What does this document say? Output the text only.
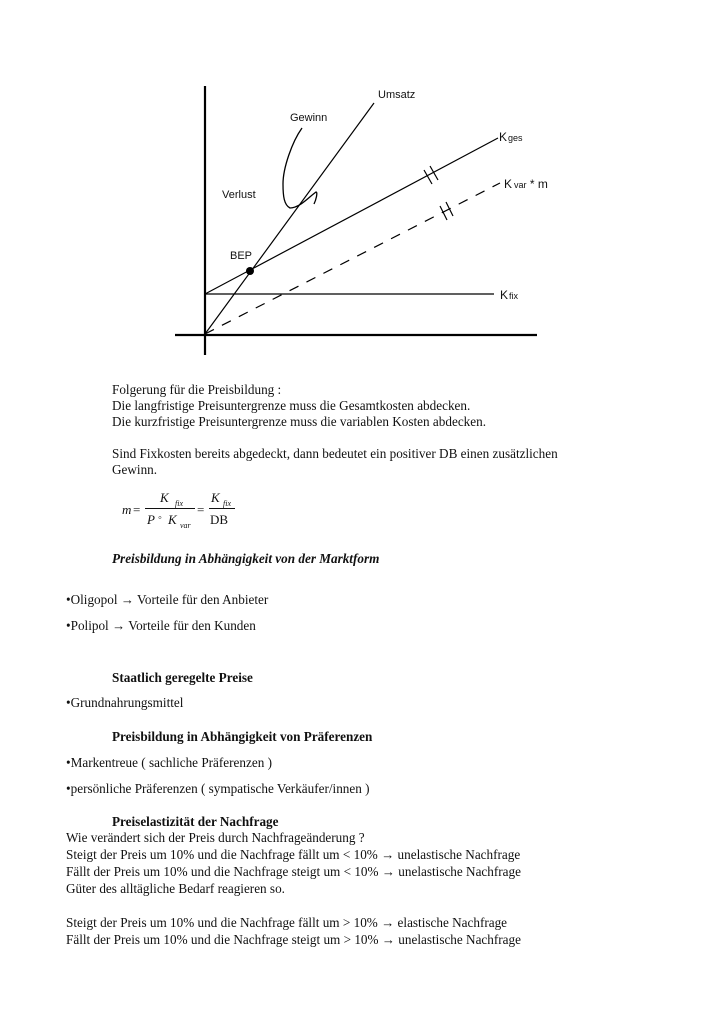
Umsatz
Gewinn
Kges
K var * m
Verlust
BEP
Kfix
Folgerung für die Preisbildung :
Die langfristige Preisuntergrenze muss die Gesamtkosten abdecken.
Die kurzfristige Preisuntergrenze muss die variablen Kosten abdecken.
Sind Fixkosten bereits abgedeckt, dann bedeutet ein positiver DB einen zusätzlichen
Gewinn.
m =
K fix
P ◦ K var
=
K fix
DB
Preisbildung in Abhängigkeit von der Marktform
•Oligopol → Vorteile für den Anbieter
•Polipol → Vorteile für den Kunden
Staatlich geregelte Preise
•Grundnahrungsmittel
Preisbildung in Abhängigkeit von Präferenzen
•Markentreue ( sachliche Präferenzen )
•persönliche Präferenzen ( sympatische Verkäufer/innen )
Preiselastizität der Nachfrage
Wie verändert sich der Preis durch Nachfrageänderung ?
Steigt der Preis um 10% und die Nachfrage fällt um < 10% → unelastische Nachfrage
Fällt der Preis um 10% und die Nachfrage steigt um < 10% → unelastische Nachfrage
Güter des alltägliche Bedarf reagieren so.
Steigt der Preis um 10% und die Nachfrage fällt um > 10% → elastische Nachfrage
Fällt der Preis um 10% und die Nachfrage steigt um > 10% → unelastische Nachfrage
